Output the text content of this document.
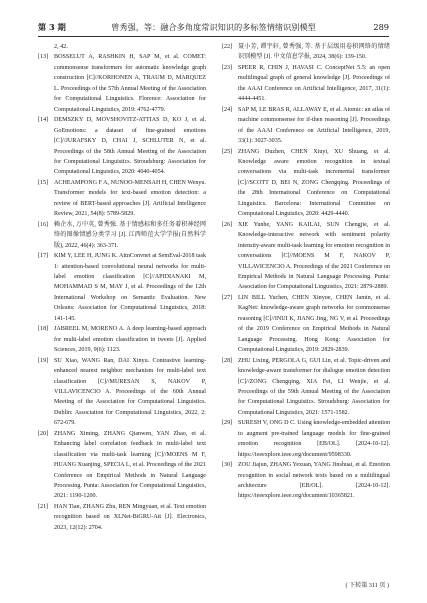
第 3 期	曾秀强，等：融合多角度常识知识的多标签情绪识别模型	289
2, 42.
[13] BOSSELUT A, RASHKIN H, SAP M, et al. COMET: commonsense transformers for automatic knowledge graph construction [C]//KORHONEN A, TRAUM D, MARQUEZ L. Proceedings of the 57th Annual Meeting of the Association for Computational Linguistics. Florence: Association for Computational Linguistics, 2019: 4762-4779.
[14] DEMSZKY D, MOVSHOVITZ-ATTIAS D, KO J, et al. GoEmotions: a dataset of fine-grained emotions [C]//JURAFSKY D, CHAI J, SCHLUTER N, et al. Proceedings of the 58th Annual Meeting of the Association for Computational Linguistics. Stroudsburg: Association for Computational Linguistics, 2020: 4040-4054.
[15] ACHEAMPONG F A, NUNOO-MENSAH H, CHEN Wenyu. Transformer models for text-based emotion detection: a review of BERT-based approaches [J]. Artificial Intelligence Review, 2021, 54(8): 5789-5829.
[16] 赖企水, 万中英, 曾秀强. 基于情感标和多任务着积神经网络的图像情感分类学习 [J]. 江西师范大学学报(自然科学版), 2022, 46(4): 363-371.
[17] KIM Y, LEE H, JUNG K. AttnConvnet at SemEval-2018 task 1: attention-based convolutional neural networks for multi-label emotion classification [C]//APIDIANAKI M, MOHAMMAD S M, MAY J, et al. Proceedings of the 12th International Workshop on Semantic Evaluation. New Orleans: Association for Computational Linguistics, 2018: 141-145.
[18] JABREEL M, MORENO A. A deep learning-based approach for multi-label emotion classification in tweets [J]. Applied Sciences, 2019, 9(6): 1123.
[19] SU Xiao, WANG Ran, DAI Xinyu. Contrastive learning-enhanced nearest neighbor mechanism for multi-label text classification [C]//MURESAN S, NAKOV P, VILLAVICENCIO A. Proceedings of the 60th Annual Meeting of the Association for Computational Linguistics. Dublin: Association for Computational Linguistics, 2022, 2: 672-679.
[20] ZHANG Ximing, ZHANG Qianwen, YAN Zhao, et al. Enhancing label correlation feedback in multi-label text classification via multi-task learning [C]//MOENS M F, HUANG Xuanjing, SPECIA L, et al. Proceedings of the 2021 Conference on Empirical Methods in Natural Language Processing. Punta: Association for Computational Linguistics, 2021: 1190-1200.
[21] HAN Tian, ZHANG Zhu, REN Mingyuan, et al. Text emotion recognition based on XLNet-BiGRU-Att [J]. Electronics, 2023, 12(12): 2704.
[22] 聂小芳, 谭宇轩, 曾秀强, 等. 基于层级用卷积网络的情绪识别模型 [J]. 中文信息学报, 2024, 38(6): 139-150.
[23] SPEER R, CHIN J, HAVASI C. ConceptNet 5.5: an open multilingual graph of general knowledge [J]. Proceedings of the AAAI Conference on Artificial Intelligence, 2017, 31(1): 4444-4451.
[24] SAP M, LE BRAS R, ALLAWAY E, et al. Atomic: an atlas of machine commonsense for if-then reasoning [J]. Proceedings of the AAAI Conference on Artificial Intelligence, 2019, 33(1): 3027-3035.
[25] ZHANG Duzhen, CHEN Xiuyi, XU Shuang, et al. Knowledge aware emotion recognition in textual conversations via multi-task incremental transformer [C]//SCOTT D, BEI N, ZONG Chengqing. Proceedings of the 28th International Conference on Computational Linguistics. Barcelona: International Committee on Computational Linguistics, 2020: 4429-4440.
[26] XIE Yunhe, YANG KAILAI, SUN Chengjie, et al. Knowledge-interactive network with sentiment polarity intensity-aware multi-task learning for emotion recognition in conversations [C]//MOENS M F, NAKOV P, VILLAVICENCIO A. Proceedings of the 2021 Conference on Empirical Methods in Natural Language Processing. Punta: Association for Computational Linguistics, 2021: 2879-2889.
[27] LIN BILL Yuchen, CHEN Xinyue, CHEN Jamin, et al. KagNet: knowledge-aware graph networks for commonsense reasoning [C]//INUI K, JIANG Jing, NG V, et al. Proceedings of the 2019 Conference on Empirical Methods in Natural Language Processing. Hong Kong: Association for Computational Linguistics, 2019: 2829-2839.
[28] ZHU Lixing, PERGOLA G, GUI Lin, et al. Topic-driven and knowledge-aware transformer for dialogue emotion detection [C]//ZONG Chengqing, XIA Fei, LI Wenjie, et al. Proceedings of the 59th Annual Meeting of the Association for Computational Linguistics. Stroudsburg: Association for Computational Linguistics, 2021: 1571-1582.
[29] SURESH V, ONG D C. Using knowledge-embedded attention to augment pre-trained language models for fine-grained emotion recognition [EB/OL]. [2024-10-12]. https://ieeexplore.ieee.org/document/9598330.
[30] ZOU Jiajun, ZHANG Yexuan, YANG Jinshuai, et al. Emotion recognition in social network texts based on a multilingual architecture [EB/OL]. [2024-10-12]. https://ieeexplore.ieee.org/document/10365821.
( 下转第 311 页 )
